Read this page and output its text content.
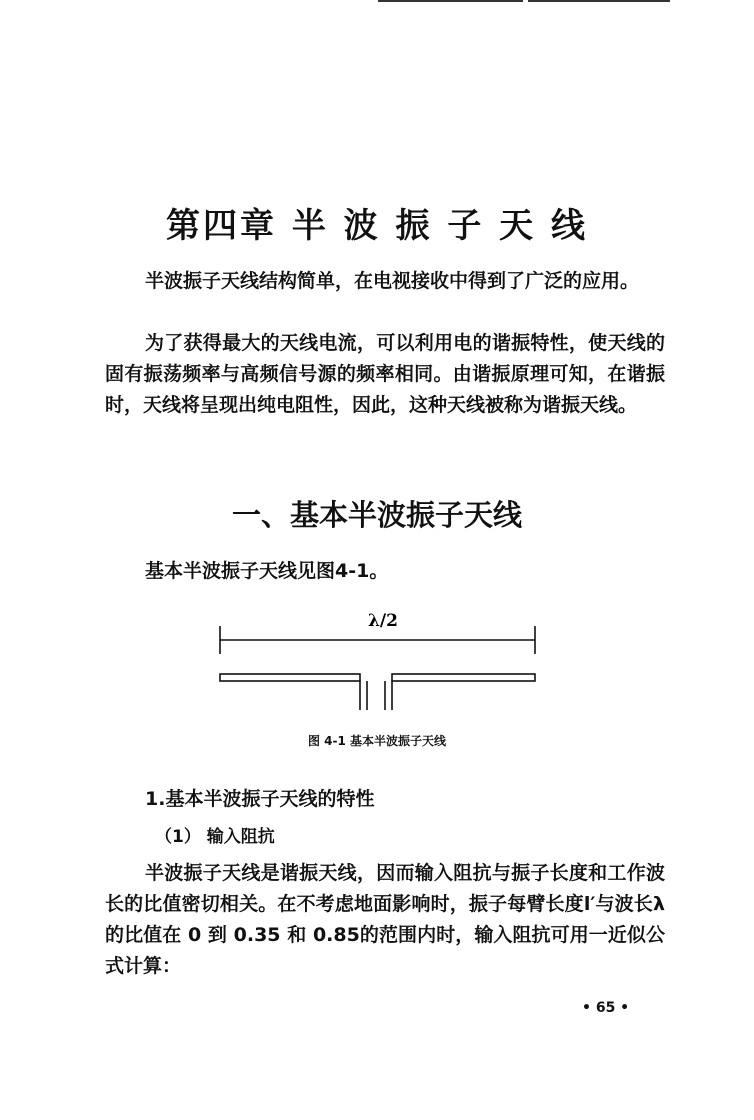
第四章 半 波 振 子 天 线

半波振子天线结构简单，在电视接收中得到了广泛的应用。

为了获得最大的天线电流，可以利用电的谐振特性，使天线的固有振荡频率与高频信号源的频率相同。由谐振原理可知，在谐振时，天线将呈现出纯电阻性，因此，这种天线被称为谐振天线。

一、基本半波振子天线

基本半波振子天线见图4-1。

λ/2
图 4-1 基本半波振子天线
1.基本半波振子天线的特性
（1） 输入阻抗

半波振子天线是谐振天线，因而输入阻抗与振子长度和工作波长的比值密切相关。在不考虑地面影响时，振子每臂长度l′与波长λ的比值在 0 到 0.35 和 0.85的范围内时，输入阻抗可用一近似公式计算：

• 65 •
